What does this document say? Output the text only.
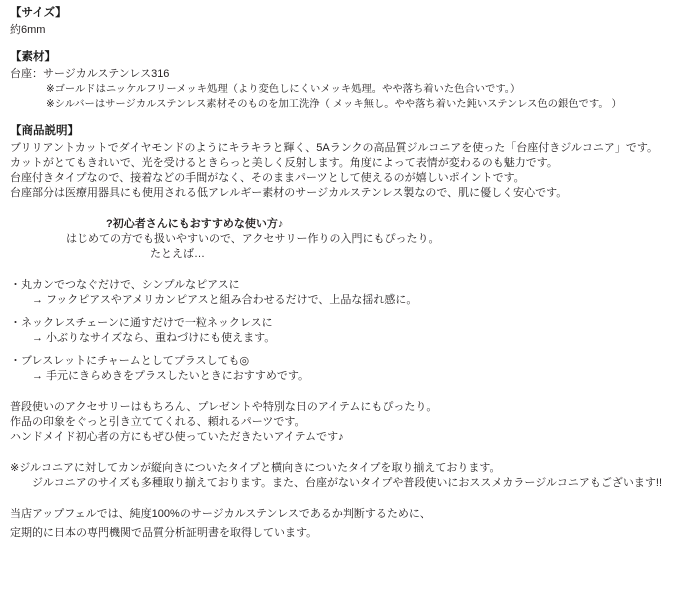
【サイズ】
約6mm
【素材】
台座：サージカルステンレス316
※ゴールドはニッケルフリーメッキ処理（より変色しにくいメッキ処理。やや落ち着いた色合いです。）
※シルバーはサージカルステンレス素材そのものを加工洗浄（ メッキ無し。やや落ち着いた鈍いステンレス色の銀色です。 ）
【商品説明】
ブリリアントカットでダイヤモンドのようにキラキラと輝く、5Aランクの高品質ジルコニアを使った「台座付きジルコニア」です。
カットがとてもきれいで、光を受けるときらっと美しく反射します。角度によって表情が変わるのも魅力です。
台座付きタイプなので、接着などの手間がなく、そのままパーツとして使えるのが嬉しいポイントです。
台座部分は医療用器具にも使用される低アレルギー素材のサージカルステンレス製なので、肌に優しく安心です。
?初心者さんにもおすすめな使い方♪
はじめての方でも扱いやすいので、アクセサリー作りの入門にもぴったり。
たとえば…
・丸カンでつなぐだけで、シンプルなピアスに
→ フックピアスやアメリカンピアスと組み合わせるだけで、上品な揺れ感に。
・ネックレスチェーンに通すだけで一粒ネックレスに
→ 小ぶりなサイズなら、重ねづけにも使えます。
・ブレスレットにチャームとしてプラスしても◎
→ 手元にきらめきをプラスしたいときにおすすめです。
普段使いのアクセサリーはもちろん、プレゼントや特別な日のアイテムにもぴったり。
作品の印象をぐっと引き立ててくれる、頼れるパーツです。
ハンドメイド初心者の方にもぜひ使っていただきたいアイテムです♪
※ジルコニアに対してカンが縦向きについたタイプと横向きについたタイプを取り揃えております。
ジルコニアのサイズも多種取り揃えております。また、台座がないタイプや普段使いにおススメカラージルコニアもございます!!
当店アップフェルでは、純度100%のサージカルステンレスであるか判断するために、
定期的に日本の専門機関で品質分析証明書を取得しています。
